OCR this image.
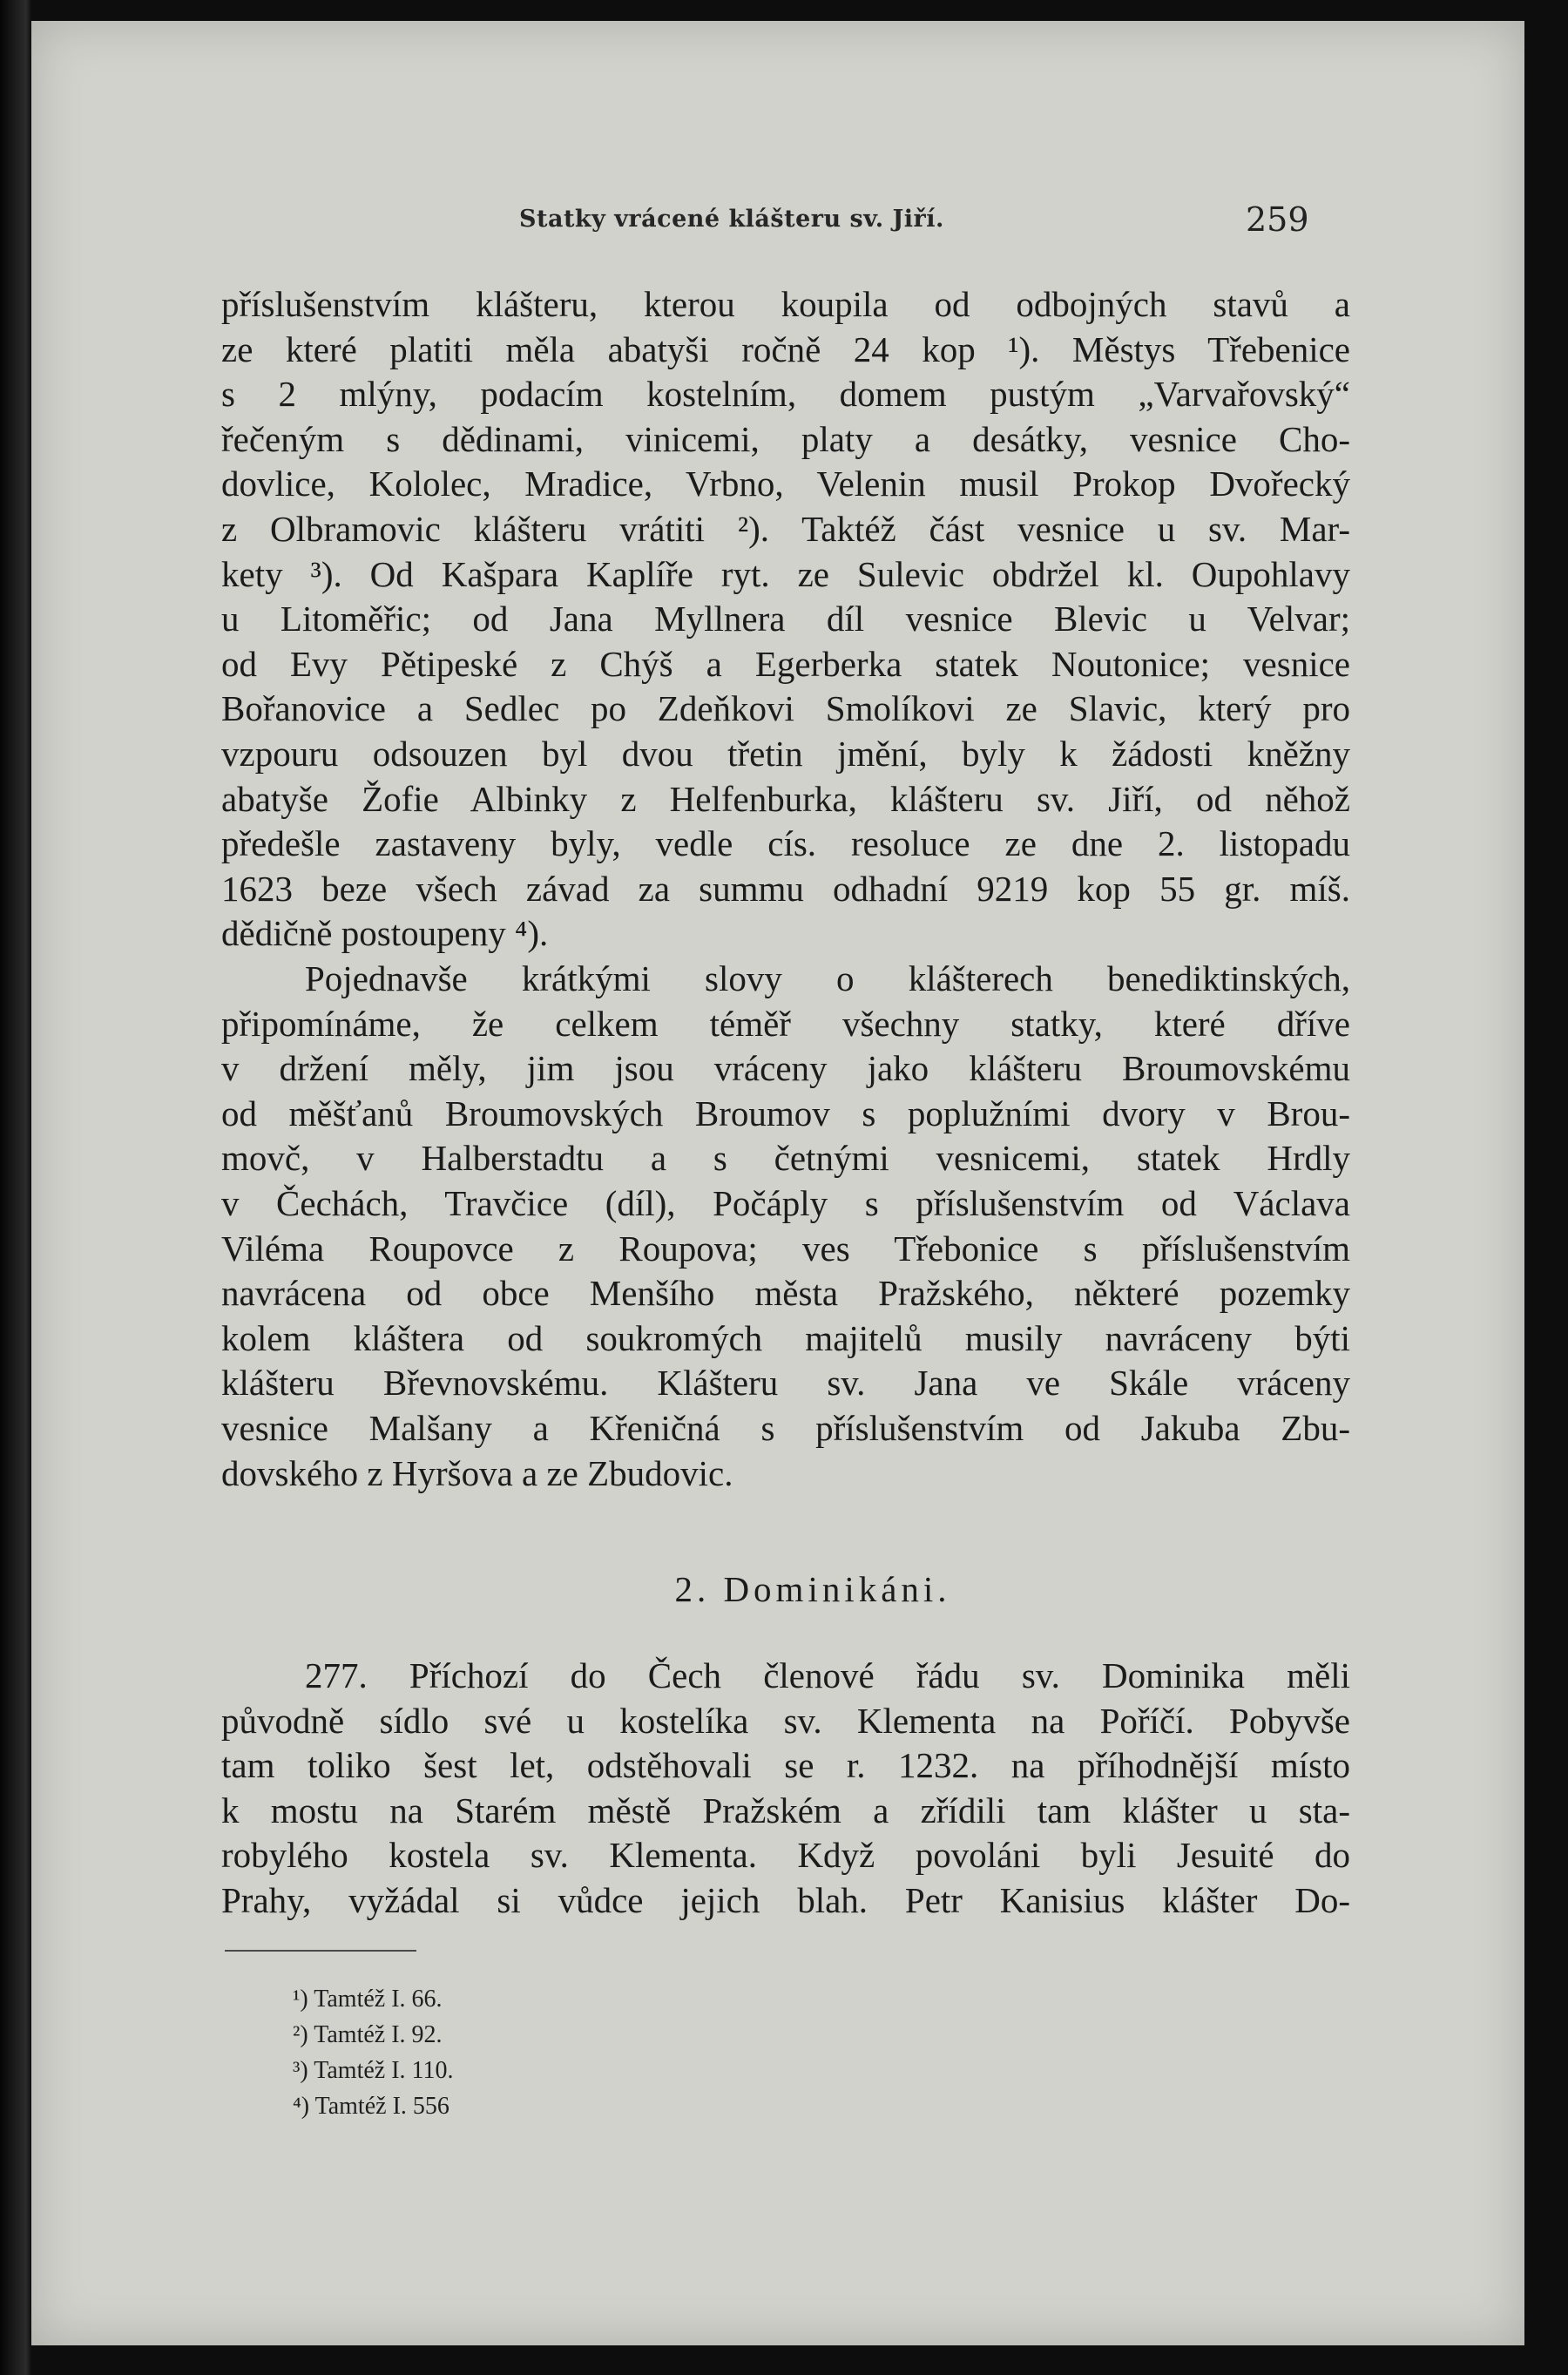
Statky vrácené klášteru sv. Jiří.	259
příslušenstvím klášteru, kterou koupila od odbojných stavů a
ze které platiti měla abatyši ročně 24 kop ¹). Městys Třebenice
s 2 mlýny, podacím kostelním, domem pustým „Varvařovský“
řečeným s dědinami, vinicemi, platy a desátky, vesnice Cho-
dovlice, Kololec, Mradice, Vrbno, Velenin musil Prokop Dvořecký
z Olbramovic klášteru vrátiti ²). Taktéž část vesnice u sv. Mar-
kety ³). Od Kašpara Kaplíře ryt. ze Sulevic obdržel kl. Oupohlavy
u Litoměřic; od Jana Myllnera díl vesnice Blevic u Velvar;
od Evy Pětipeské z Chýš a Egerberka statek Noutonice; vesnice
Bořanovice a Sedlec po Zdeňkovi Smolíkovi ze Slavic, který pro
vzpouru odsouzen byl dvou třetin jmění, byly k žádosti kněžny
abatyše Žofie Albinky z Helfenburka, klášteru sv. Jiří, od něhož
předešle zastaveny byly, vedle cís. resoluce ze dne 2. listopadu
1623 beze všech závad za summu odhadní 9219 kop 55 gr. míš.
dědičně postoupeny ⁴).
Pojednavše krátkými slovy o klášterech benediktinských,
připomínáme, že celkem téměř všechny statky, které dříve
v držení měly, jim jsou vráceny jako klášteru Broumovskému
od měšťanů Broumovských Broumov s poplužními dvory v Brou-
movč, v Halberstadtu a s četnými vesnicemi, statek Hrdly
v Čechách, Travčice (díl), Počáply s příslušenstvím od Václava
Viléma Roupovce z Roupova; ves Třebonice s příslušenstvím
navrácena od obce Menšího města Pražského, některé pozemky
kolem kláštera od soukromých majitelů musily navráceny býti
klášteru Břevnovskému. Klášteru sv. Jana ve Skále vráceny
vesnice Malšany a Křeničná s příslušenstvím od Jakuba Zbu-
dovského z Hyršova a ze Zbudovic.
2. Dominikáni.
277. Příchozí do Čech členové řádu sv. Dominika měli
původně sídlo své u kostelíka sv. Klementa na Poříčí. Pobyvše
tam toliko šest let, odstěhovali se r. 1232. na příhodnější místo
k mostu na Starém městě Pražském a zřídili tam klášter u sta-
robylého kostela sv. Klementa. Když povoláni byli Jesuité do
Prahy, vyžádal si vůdce jejich blah. Petr Kanisius klášter Do-
¹) Tamtéž I. 66.
²) Tamtéž I. 92.
³) Tamtéž I. 110.
⁴) Tamtéž I. 556
